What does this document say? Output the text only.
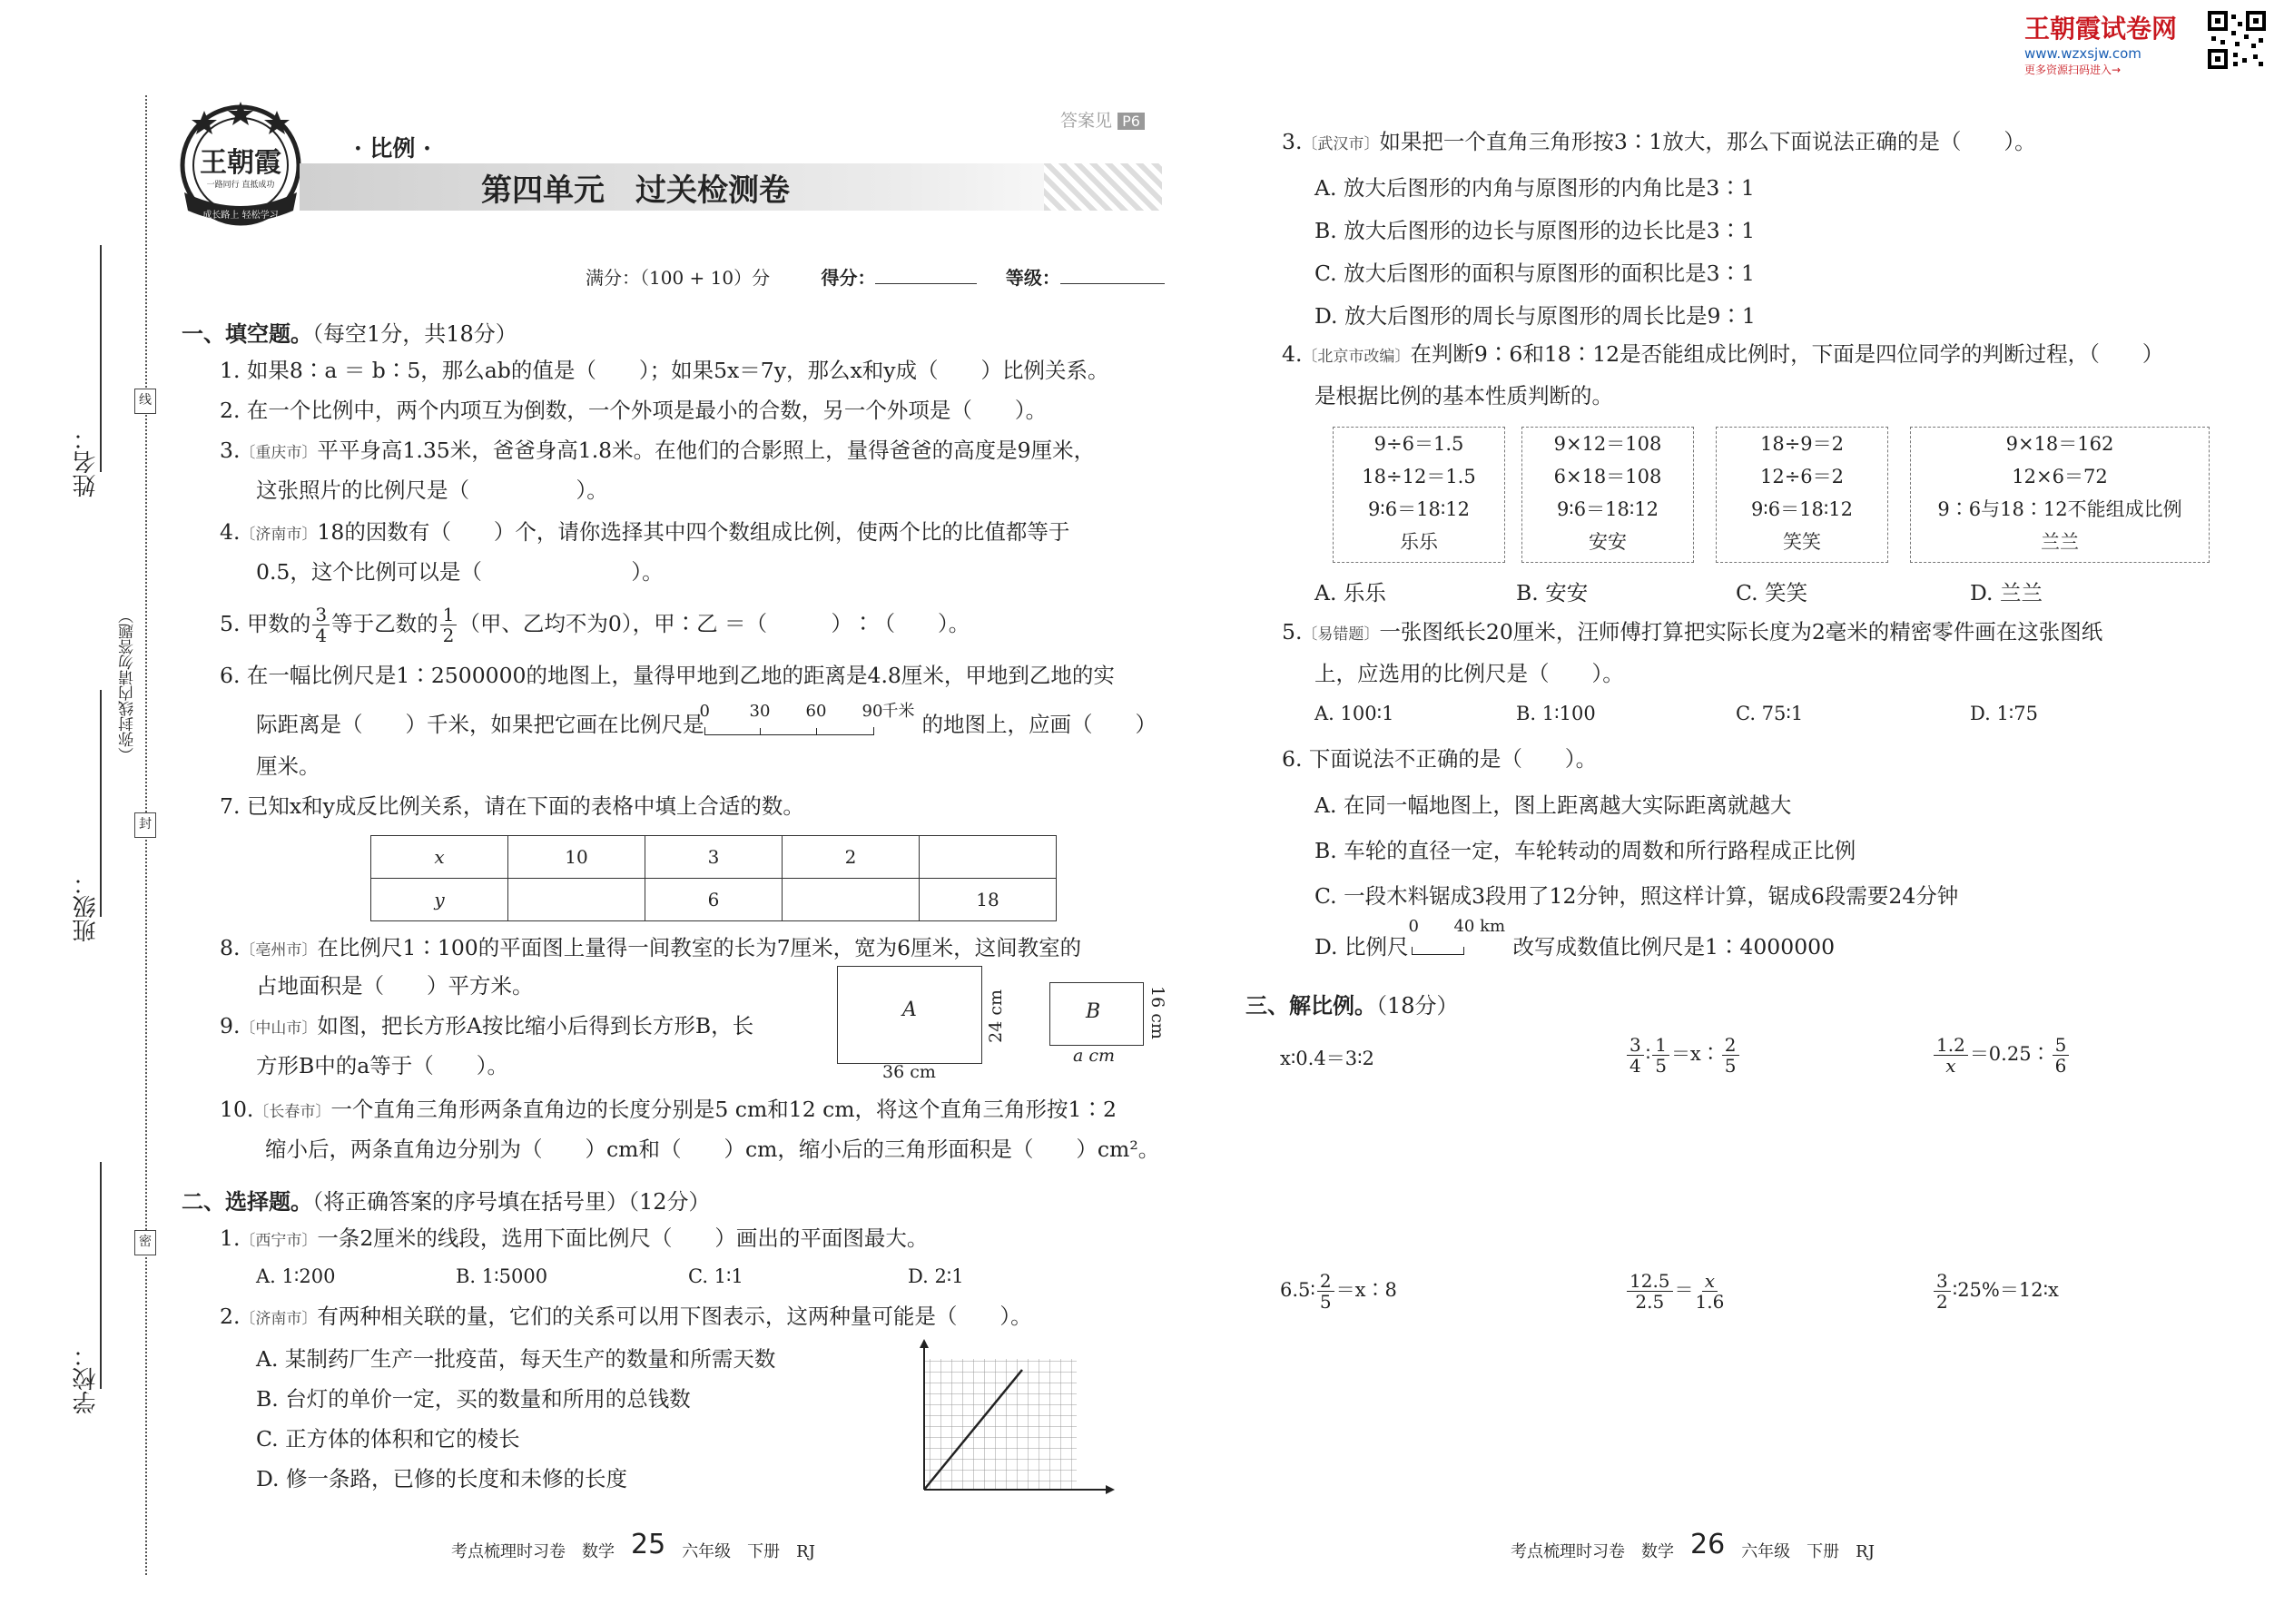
王朝霞试卷网
www.wzxsjw.com
更多资源扫码进入→
姓名：
班级：
学校：
（弥封线内请勿答题）
线
封
密
王朝霞
一路同行 直抵成功
成长路上 轻松学习
· 比例 ·
答案见 P6
第四单元　过关检测卷
满分：（100 + 10）分	得分：	等级：
一、填空题。（每空1分，共18分）
1. 如果8∶a ＝ b∶5，那么ab的值是（　　）；如果5x＝7y，那么x和y成（　　）比例关系。
2. 在一个比例中，两个内项互为倒数，一个外项是最小的合数，另一个外项是（　　）。
3.〔重庆市〕平平身高1.35米，爸爸身高1.8米。在他们的合影照上，量得爸爸的高度是9厘米，
这张照片的比例尺是（　　　　　）。
4.〔济南市〕18的因数有（　　）个，请你选择其中四个数组成比例，使两个比的比值都等于
0.5，这个比例可以是（　　　　　　　）。
5. 甲数的 $\frac{3}{4}$ 等于乙数的 $\frac{1}{2}$ （甲、乙均不为0），甲∶乙 ＝（　　　）∶（　　）。
6. 在一幅比例尺是1∶2500000的地图上，量得甲地到乙地的距离是4.8厘米，甲地到乙地的实
际距离是（　　）千米，如果把它画在比例尺是
0 30 60 90 千米
的地图上，应画（　　）
厘米。
7. 已知x和y成反比例关系，请在下面的表格中填上合适的数。
x	10	3	2	
y		6		18
8.〔亳州市〕在比例尺1∶100的平面图上量得一间教室的长为7厘米，宽为6厘米，这间教室的
占地面积是（　　）平方米。
9.〔中山市〕如图，把长方形A按比缩小后得到长方形B，长
方形B中的a等于（　　）。
A
36 cm
24 cm	B
a cm
16 cm
10.〔长春市〕一个直角三角形两条直角边的长度分别是5 cm和12 cm，将这个直角三角形按1∶2
缩小后，两条直角边分别为（　　）cm和（　　）cm，缩小后的三角形面积是（　　）cm²。
二、选择题。（将正确答案的序号填在括号里）（12分）
1.〔西宁市〕一条2厘米的线段，选用下面比例尺（　　）画出的平面图最大。
A. 1∶200	B. 1∶5000	C. 1∶1	D. 2∶1
2.〔济南市〕有两种相关联的量，它们的关系可以用下图表示，这两种量可能是（　　）。
A. 某制药厂生产一批疫苗，每天生产的数量和所需天数
B. 台灯的单价一定，买的数量和所用的总钱数
C. 正方体的体积和它的棱长
D. 修一条路，已修的长度和未修的长度
考点梳理时习卷　数学 25 六年级　下册　RJ
3.〔武汉市〕如果把一个直角三角形按3∶1放大，那么下面说法正确的是（　　）。
A. 放大后图形的内角与原图形的内角比是3∶1
B. 放大后图形的边长与原图形的边长比是3∶1
C. 放大后图形的面积与原图形的面积比是3∶1
D. 放大后图形的周长与原图形的周长比是9∶1
4.〔北京市改编〕在判断9∶6和18∶12是否能组成比例时，下面是四位同学的判断过程，（　　）
是根据比例的基本性质判断的。
9÷6＝1.5
18÷12＝1.5
9∶6＝18∶12
乐乐
9×12＝108
6×18＝108
9∶6＝18∶12
安安
18÷9＝2
12÷6＝2
9∶6＝18∶12
笑笑
9×18＝162
12×6＝72
9∶6与18∶12不能组成比例
兰兰
A. 乐乐	B. 安安	C. 笑笑	D. 兰兰
5.〔易错题〕一张图纸长20厘米，汪师傅打算把实际长度为2毫米的精密零件画在这张图纸
上，应选用的比例尺是（　　）。
A. 100∶1	B. 1∶100	C. 75∶1	D. 1∶75
6. 下面说法不正确的是（　　）。
A. 在同一幅地图上，图上距离越大实际距离就越大
B. 车轮的直径一定，车轮转动的周数和所行路程成正比例
C. 一段木料锯成3段用了12分钟，照这样计算，锯成6段需要24分钟
D. 比例尺
0 40 km
改写成数值比例尺是1∶4000000
三、解比例。（18分）
x∶0.4＝3∶2	$\frac{3}{4}$ ∶ $\frac{1}{5}$ ＝x∶ $\frac{2}{5}$	$\frac{1.2}{x}$ ＝0.25∶ $\frac{5}{6}$
6.5∶ $\frac{2}{5}$ ＝x∶8	$\frac{12.5}{2.5} = \frac{x}{1.6}$	$\frac{3}{2}$ ∶25%＝12∶x
考点梳理时习卷　数学 26 六年级　下册　RJ
